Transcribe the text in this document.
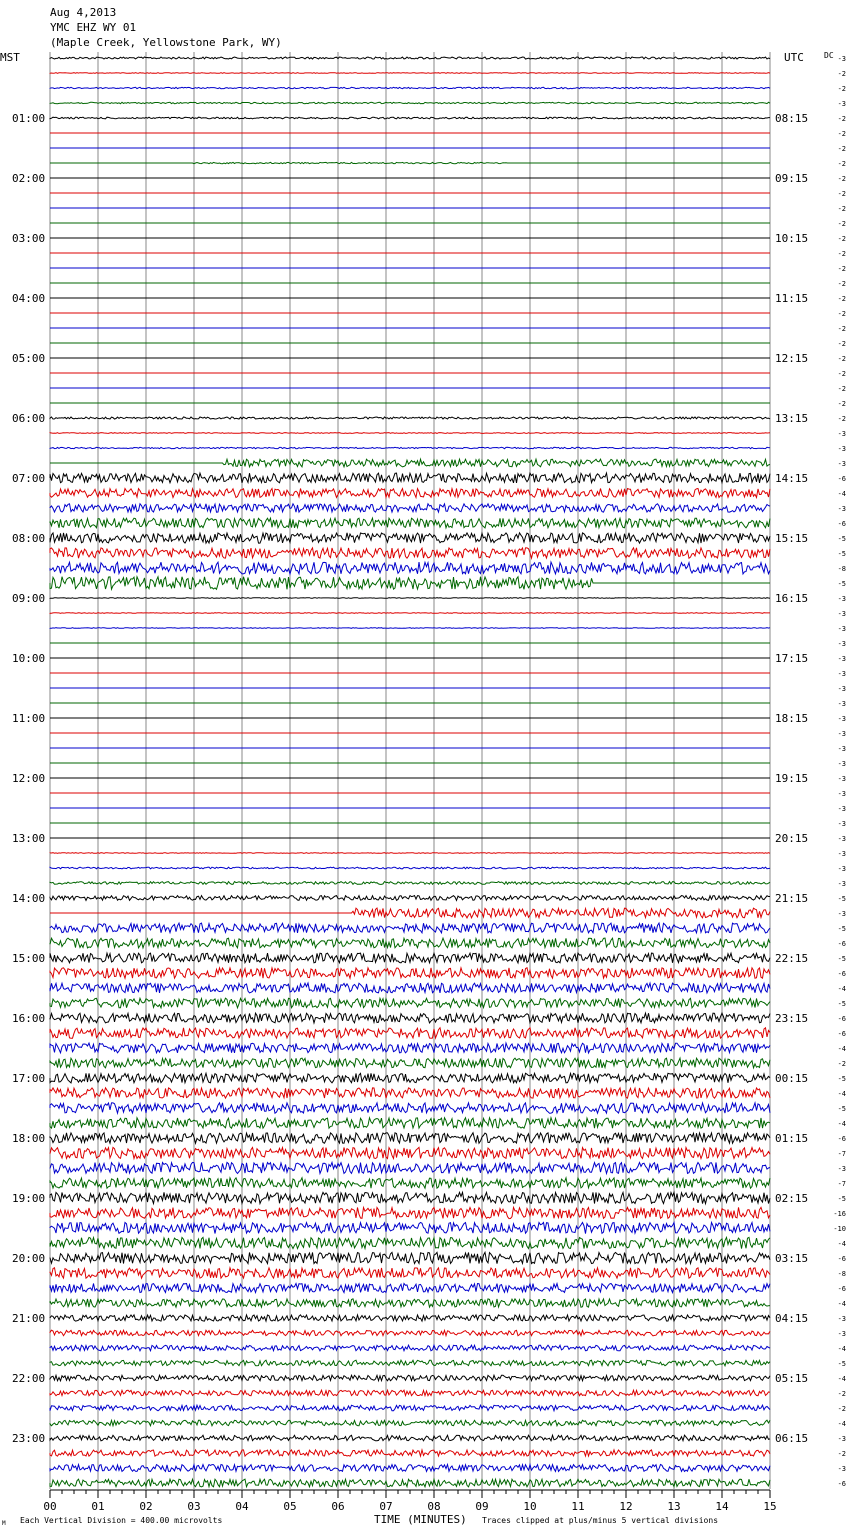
Aug 4,2013
YMC EHZ WY 01
(Maple Creek, Yellowstone Park, WY)
MST	UTC	DC
01:00
02:00
03:00
04:00
05:00
06:00
07:00
08:00
09:00
10:00
11:00
12:00
13:00
14:00
15:00
16:00
17:00
18:00
19:00
20:00
21:00
22:00
23:00
08:15
09:15
10:15
11:15
12:15
13:15
14:15
15:15
16:15
17:15
18:15
19:15
20:15
21:15
22:15
23:15
00:15
01:15
02:15
03:15
04:15
05:15
06:15
-3
-2
-2
-3
-2
-2
-2
-2
-2
-2
-2
-2
-2
-2
-2
-2
-2
-2
-2
-2
-2
-2
-2
-2
-2
-3
-3
-3
-6
-4
-3
-6
-5
-5
-8
-5
-3
-3
-3
-3
-3
-3
-3
-3
-3
-3
-3
-3
-3
-3
-3
-3
-3
-3
-3
-3
-5
-3
-5
-6
-5
-6
-4
-5
-6
-6
-4
-2
-5
-4
-5
-4
-6
-7
-3
-7
-5
-16
-10
-4
-6
-8
-6
-4
-3
-3
-4
-5
-4
-2
-2
-4
-3
-2
-3
-6
00	01	02	03	04	05	06	07	08	09	10	11	12	13	14	15
M Each Vertical Division = 400.00 microvolts	TIME (MINUTES) Traces clipped at plus/minus 5 vertical divisions
